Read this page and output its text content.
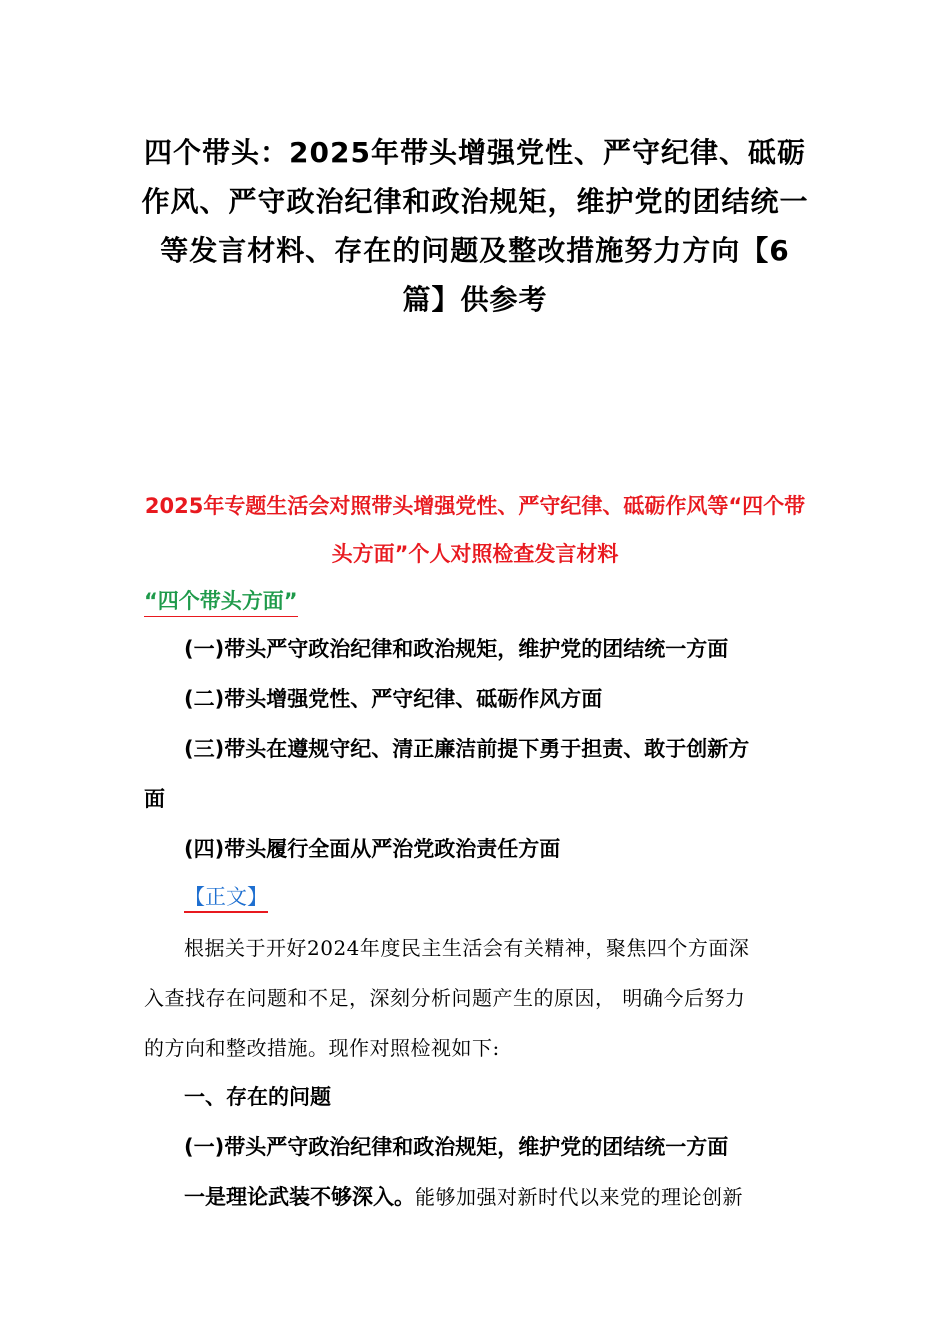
四个带头：2025年带头增强党性、严守纪律、砥砺作风、严守政治纪律和政治规矩，维护党的团结统一等发言材料、存在的问题及整改措施努力方向【6篇】供参考
2025年专题生活会对照带头增强党性、严守纪律、砥砺作风等“四个带头方面”个人对照检查发言材料
“四个带头方面”
(一)带头严守政治纪律和政治规矩，维护党的团结统一方面
(二)带头增强党性、严守纪律、砥砺作风方面
(三)带头在遵规守纪、清正廉洁前提下勇于担责、敢于创新方
面
(四)带头履行全面从严治党政治责任方面
【正文】
根据关于开好2024年度民主生活会有关精神，聚焦四个方面深
入查找存在问题和不足，深刻分析问题产生的原因， 明确今后努力
的方向和整改措施。现作对照检视如下:
一、存在的问题
(一)带头严守政治纪律和政治规矩，维护党的团结统一方面
一是理论武装不够深入。能够加强对新时代以来党的理论创新
